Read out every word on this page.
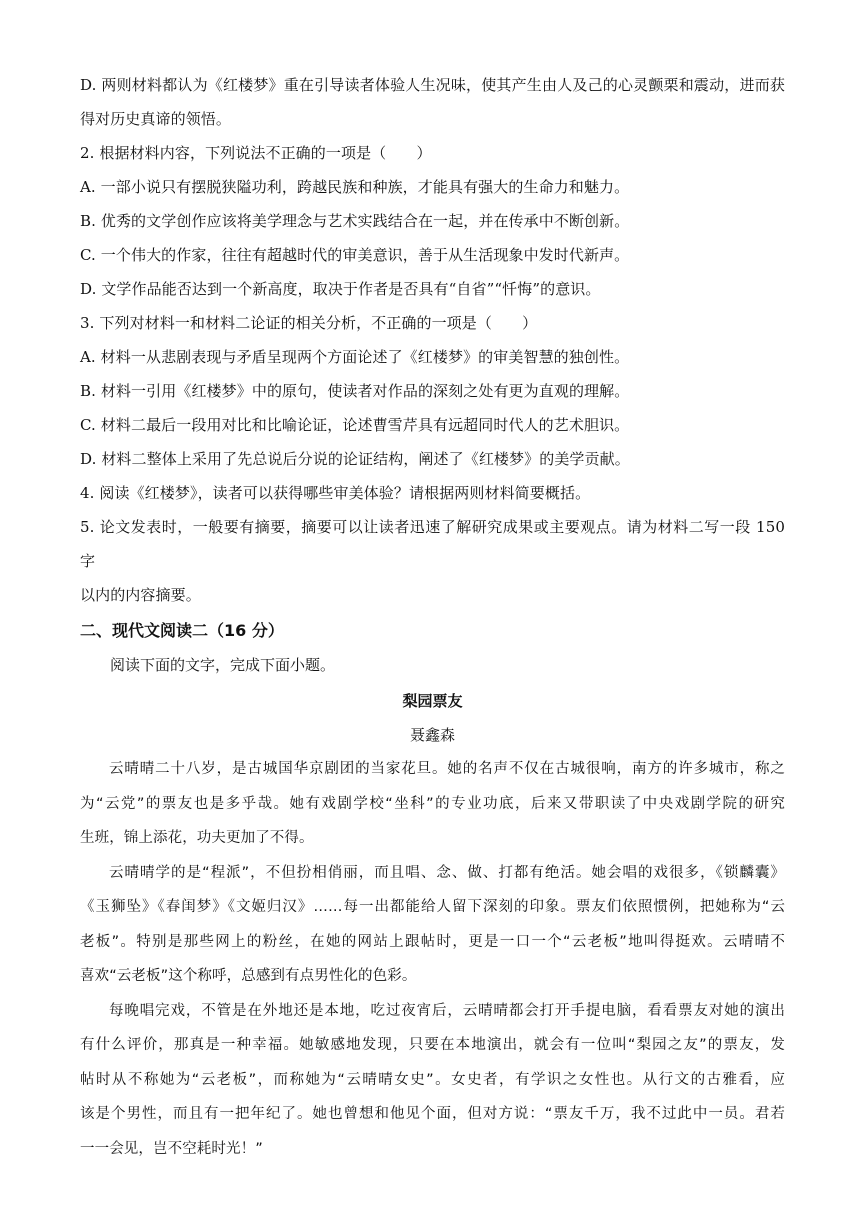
D. 两则材料都认为《红楼梦》重在引导读者体验人生况味，使其产生由人及己的心灵颤栗和震动，进而获
得对历史真谛的领悟。
2. 根据材料内容，下列说法不正确的一项是（　　）
A. 一部小说只有摆脱狭隘功利，跨越民族和种族，才能具有强大的生命力和魅力。
B. 优秀的文学创作应该将美学理念与艺术实践结合在一起，并在传承中不断创新。
C. 一个伟大的作家，往往有超越时代的审美意识，善于从生活现象中发时代新声。
D. 文学作品能否达到一个新高度，取决于作者是否具有“自省”“忏悔”的意识。
3. 下列对材料一和材料二论证的相关分析，不正确的一项是（　　）
A. 材料一从悲剧表现与矛盾呈现两个方面论述了《红楼梦》的审美智慧的独创性。
B. 材料一引用《红楼梦》中的原句，使读者对作品的深刻之处有更为直观的理解。
C. 材料二最后一段用对比和比喻论证，论述曹雪芹具有远超同时代人的艺术胆识。
D. 材料二整体上采用了先总说后分说的论证结构，阐述了《红楼梦》的美学贡献。
4. 阅读《红楼梦》，读者可以获得哪些审美体验？请根据两则材料简要概括。
5. 论文发表时，一般要有摘要，摘要可以让读者迅速了解研究成果或主要观点。请为材料二写一段 150 字
以内的内容摘要。
二、现代文阅读二（16 分）
阅读下面的文字，完成下面小题。
梨园票友
聂鑫森
云晴晴二十八岁，是古城国华京剧团的当家花旦。她的名声不仅在古城很响，南方的许多城市，称之
为“云党”的票友也是多乎哉。她有戏剧学校“坐科”的专业功底，后来又带职读了中央戏剧学院的研究
生班，锦上添花，功夫更加了不得。
云晴晴学的是“程派”，不但扮相俏丽，而且唱、念、做、打都有绝活。她会唱的戏很多，《锁麟囊》
《玉狮坠》《春闺梦》《文姬归汉》……每一出都能给人留下深刻的印象。票友们依照惯例，把她称为“云
老板”。特别是那些网上的粉丝，在她的网站上跟帖时，更是一口一个“云老板”地叫得挺欢。云晴晴不
喜欢“云老板”这个称呼，总感到有点男性化的色彩。
每晚唱完戏，不管是在外地还是本地，吃过夜宵后，云晴晴都会打开手提电脑，看看票友对她的演出
有什么评价，那真是一种幸福。她敏感地发现，只要在本地演出，就会有一位叫“梨园之友”的票友，发
帖时从不称她为“云老板”，而称她为“云晴晴女史”。女史者，有学识之女性也。从行文的古雅看，应
该是个男性，而且有一把年纪了。她也曾想和他见个面，但对方说：“票友千万，我不过此中一员。君若
一一会见，岂不空耗时光！”
